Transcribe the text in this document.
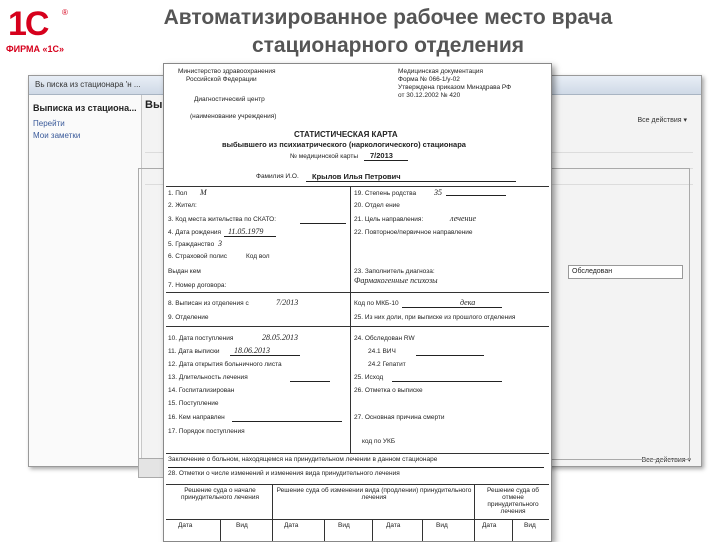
1С ®
ФИРМА «1С»
Автоматизированное рабочее место врача
стационарного отделения
Вь писка из стационара 'н ...
Выписка из стациона...
Перейти
Мои заметки
Вы
Все действия ▾
Все действия ▾
Обследован
Министерство здравоохранения
Российской Федерации
Диагностический центр
(наименование учреждения)
Медицинская документация
Форма № 066-1/у-02
Утверждена приказом Минздрава РФ
от 30.12.2002 № 420
СТАТИСТИЧЕСКАЯ КАРТА
выбывшего из психиатрического (наркологического) стационара
№ медицинской карты 7/2013
Фамилия И.О. Крылов Илья Петрович
1. Пол М	19. Степень родства 35
2. Жител:	20. Отдел ение
3. Код места жительства по СКАТО:	21. Цель направления:	лечение
4. Дата рождения 11.05.1979	22. Повторное/первичное направление
5. Гражданство 3
6. Страховой полис	Код вол
Выдан кем	23. Заполнитель диагноза:
Фармакогенные психозы
7. Номер договора:
8. Выписан из отделения с	7/2013	Код по МКБ-10	дека
9. Отделение	25. Из них доли, при выписке из прошлого отделения
10. Дата поступления	28.05.2013	24. Обследован RW
11. Дата выписки 18.06.2013	24.1 ВИЧ
12. Дата открытия больничного листа	24.2 Гепатит
13. Длительность лечения	25. Исход
14. Госпитализирован	26. Отметка о выписке
15. Поступление
16. Кем направлен	27. Основная причина смерти
17. Порядок поступления
код по УКБ
Заключение о больном, находящемся на принудительном лечении в данном стационаре
28. Отметки о числе изменений и изменения вида принудительного лечения
Решение суда о начале принудительного лечения
Решение суда об изменении вида (продлении) принудительного лечения
Решение суда об отмене принудительного лечения
Дата	Вид	Дата	Вид	Дата	Вид	Дата	Вид
